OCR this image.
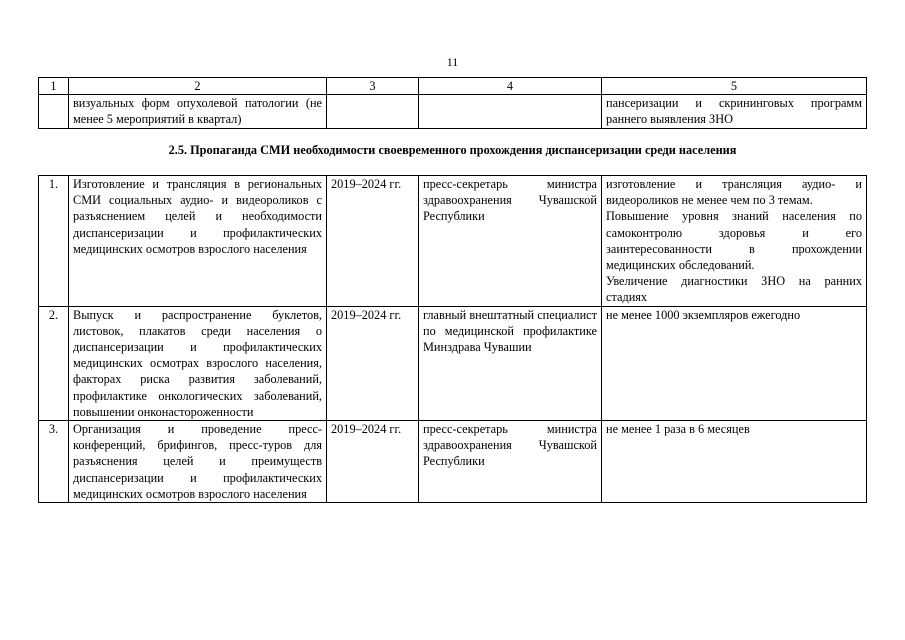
11
1	2	3	4	5
	визуальных форм опухолевой патологии (не менее 5 мероприятий в квартал)			пансеризации и скрининговых программ раннего выявления ЗНО
2.5. Пропаганда СМИ необходимости своевременного прохождения диспансеризации среди населения
1.	Изготовление и трансляция в региональных СМИ социальных аудио- и видеороликов с разъяснением целей и необходимости диспансеризации и профилактических медицинских осмотров взрослого населения	2019–2024 гг.	пресс-секретарь министра здравоохранения Чувашской Республики	изготовление и трансляция аудио- и видеороликов не менее чем по 3 темам.
Повышение уровня знаний населения по самоконтролю здоровья и его заинтересованности в прохождении медицинских обследований.
Увеличение диагностики ЗНО на ранних стадиях

2.	Выпуск и распространение буклетов, листовок, плакатов среди населения о диспансеризации и профилактических медицинских осмотрах взрослого населения, факторах риска развития заболеваний, профилактике онкологических заболеваний, повышении онконастороженности	2019–2024 гг.	главный внештатный специалист по медицинской профилактике Минздрава Чувашии	не менее 1000 экземпляров ежегодно

3.	Организация и проведение пресс-конференций, брифингов, пресс-туров для разъяснения целей и преимуществ диспансеризации и профилактических медицинских осмотров взрослого населения	2019–2024 гг.	пресс-секретарь министра здравоохранения Чувашской Республики	не менее 1 раза в 6 месяцев
